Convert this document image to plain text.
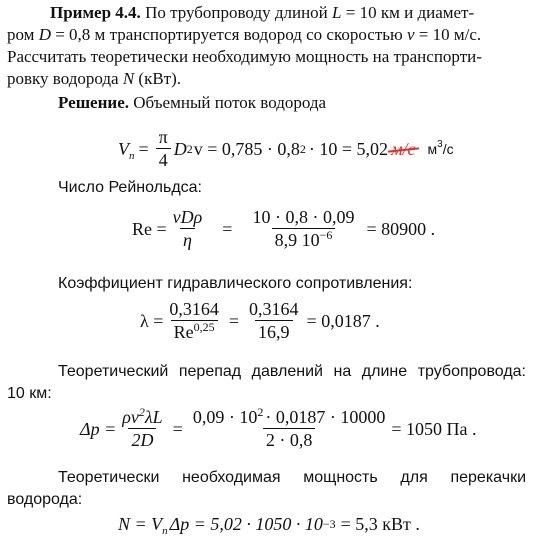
Пример 4.4. По трубопроводу длиной L = 10 км и диамет-
ром D = 0,8 м транспортируется водород со скоростью v = 10 м/с.
Рассчитать теоретически необходимую мощность на транспорти-
ровку водорода N (кВт).
Решение. Объемный поток водорода
$V_п = \frac{\pi}{4}$ D 2 v = 0,785 · 0,8 2 · 10 = 5,02 м/с $м^3/с$
Число Рейнольдса:
$Re = \frac{\text{vDρ}}{\eta} = \frac{10 \cdot 0,8 \cdot 0,09}{8,9 10^{-6}} = 80900$ .
Коэффициент гидравлического сопротивления:
$\lambda = \frac{0,3164}{Re^{0,25}} = \frac{0,3164}{16,9} = 0,0187$ .
Теоретический перепад давлений на длине трубопровода:
10 км:
$\Delta p = \frac{\rho v^2\lambda L}{2D} = \frac{0,09 \cdot 10^2 \cdot 0,0187 \cdot 10000}{2 \cdot 0,8} = 1050$ Па .
Теоретически необходимая мощность для перекачки
водорода:
$N = V_п$ Δp = 5,02 · 1050 · 10 −3 = 5,3 кВт .
